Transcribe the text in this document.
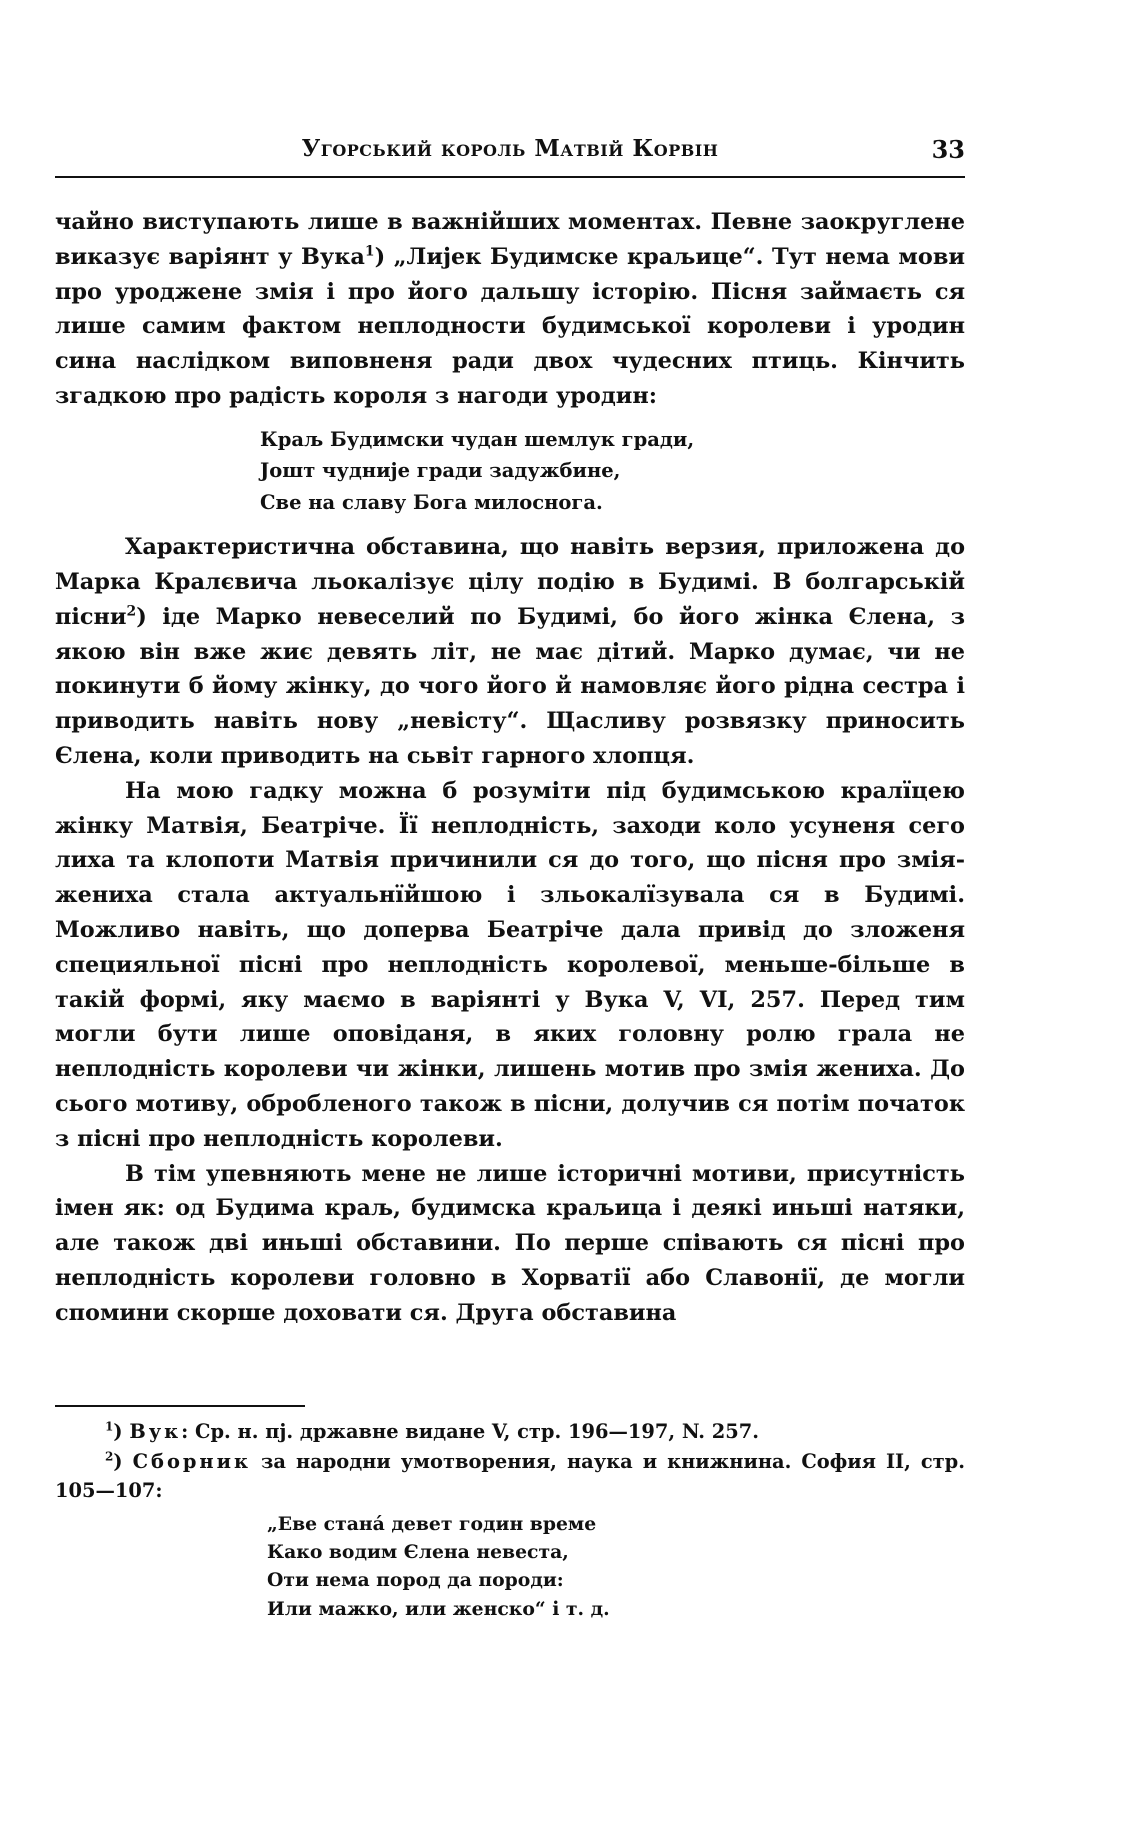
Угорський король Матвій Корвін	33

чайно виступають лише в важнійших моментах. Певне заокруглене виказує варіянт у Вука$^1$) „Лијек Будимске краљице“. Тут нема мови про уроджене змія і про його дальшу історію. Пісня займаєть ся лише самим фактом неплодности будимської королеви і уродин сина наслідком виповненя ради двох чудесних птиць. Кінчить згадкою про радість короля з нагоди уродин:

Краљ Будимски чудан шемлук гради,
Јошт чудније гради задужбине,
Све на славу Бога милоснога.

Характеристична обставина, що навіть верзия, приложена до Марка Кралєвича льокалізує цілу подію в Будимі. В болгарській пісни$^2$) іде Марко невеселий по Будимі, бо його жінка Єлена, з якою він вже жиє девять літ, не має дітий. Марко думає, чи не покинути б йому жінку, до чого його й намовляє його рідна сестра і приводить навіть нову „невісту“. Щасливу розвязку приносить Єлена, коли приводить на сьвіт гарного хлопця.

На мою гадку можна б розуміти під будимською кралїцею жінку Матвія, Беатріче. Її неплодність, заходи коло усуненя сего лиха та клопоти Матвія причинили ся до того, що пісня про змія-жениха стала актуальнїйшою і зльокалїзувала ся в Будимі. Можливо навіть, що доперва Беатріче дала привід до зложеня специяльної пісні про неплодність королевої, меньше-більше в такій формі, яку маємо в варіянті у Вука V, VI, 257. Перед тим могли бути лише оповіданя, в яких головну ролю грала не неплодність королеви чи жінки, лишень мотив про змія жениха. До сього мотиву, обробленого також в пісни, долучив ся потім початок з пісні про неплодність королеви.

В тім упевняють мене не лише історичні мотиви, присутність імен як: од Будима краљ, будимска краљица і деякі иньші натяки, але також дві иньші обставини. По перше співають ся пісні про неплодність королеви головно в Хорватії або Славонії, де могли спомини скорше доховати ся. Друга обставина

$^1$) Вук: Ср. н. пј. државне видане V, стр. 196—197, N. 257.

$^2$) Сборник за народни умотворения, наука и книжнина. София II, стр. 105—107:

„Еве стана́ девет годин време
Како водим Єлена невеста,
Оти нема пород да породи:
Или мажко, или женско“ і т. д.
